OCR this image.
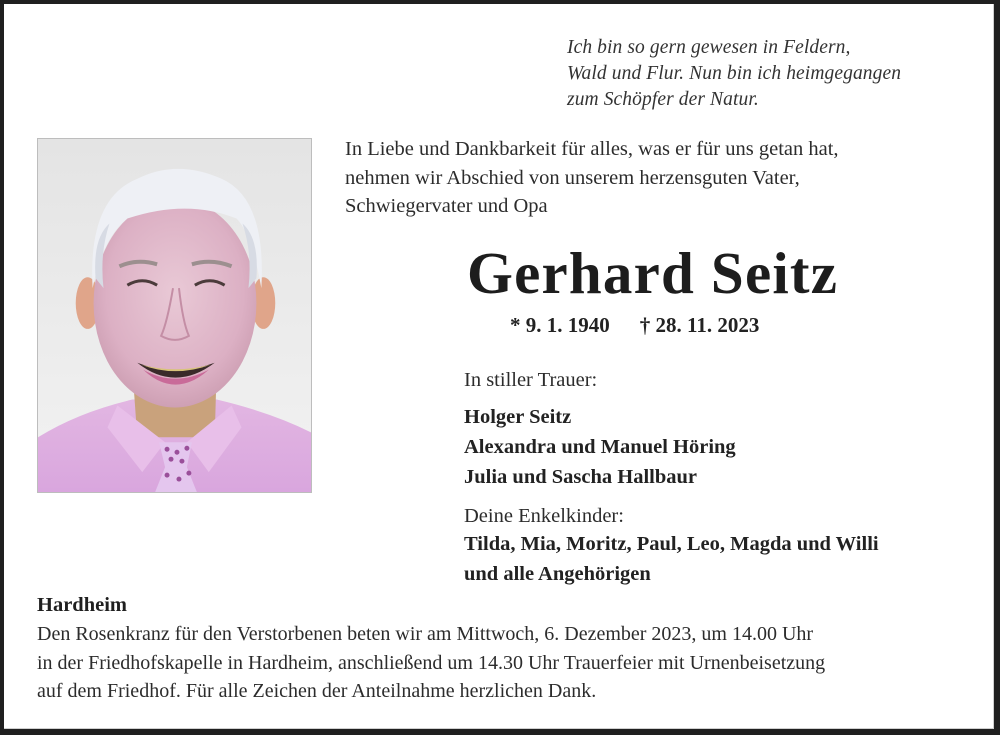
Ich bin so gern gewesen in Feldern,
Wald und Flur. Nun bin ich heimgegangen
zum Schöpfer der Natur.
In Liebe und Dankbarkeit für alles, was er für uns getan hat,
nehmen wir Abschied von unserem herzensguten Vater,
Schwiegervater und Opa
Gerhard Seitz
* 9. 1. 1940 † 28. 11. 2023
In stiller Trauer:
Holger Seitz
Alexandra und Manuel Höring
Julia und Sascha Hallbaur
Deine Enkelkinder:
Tilda, Mia, Moritz, Paul, Leo, Magda und Willi
und alle Angehörigen
Hardheim
Den Rosenkranz für den Verstorbenen beten wir am Mittwoch, 6. Dezember 2023, um 14.00 Uhr
in der Friedhofskapelle in Hardheim, anschließend um 14.30 Uhr Trauerfeier mit Urnenbeisetzung
auf dem Friedhof. Für alle Zeichen der Anteilnahme herzlichen Dank.
